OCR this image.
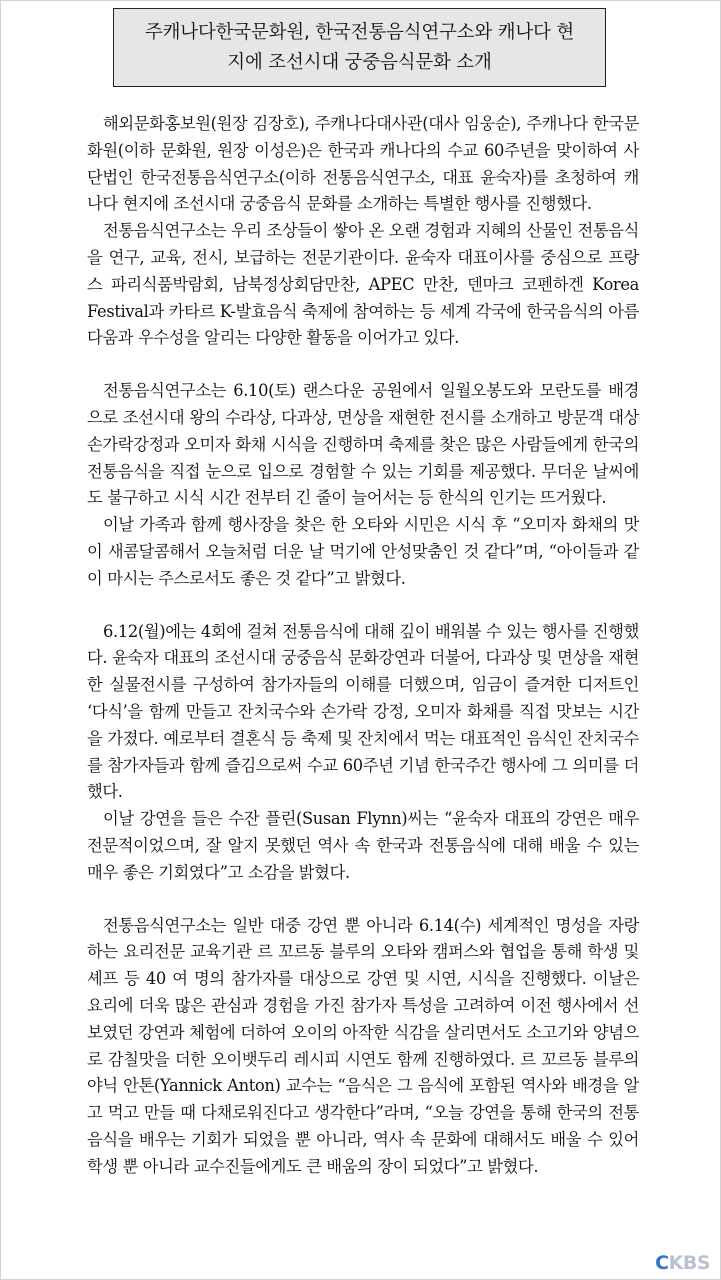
주캐나다한국문화원, 한국전통음식연구소와 캐나다 현
지에 조선시대 궁중음식문화 소개

해외문화홍보원(원장 김장호), 주캐나다대사관(대사 임웅순), 주캐나다 한국문화원(이하 문화원, 원장 이성은)은 한국과 캐나다의 수교 60주년을 맞이하여 사단법인 한국전통음식연구소(이하 전통음식연구소, 대표 윤숙자)를 초청하여 캐나다 현지에 조선시대 궁중음식 문화를 소개하는 특별한 행사를 진행했다.

전통음식연구소는 우리 조상들이 쌓아 온 오랜 경험과 지혜의 산물인 전통음식을 연구, 교육, 전시, 보급하는 전문기관이다. 윤숙자 대표이사를 중심으로 프랑스 파리식품박람회, 남북정상회담만찬, APEC 만찬, 덴마크 코펜하겐 Korea Festival과 카타르 K-발효음식 축제에 참여하는 등 세계 각국에 한국음식의 아름다움과 우수성을 알리는 다양한 활동을 이어가고 있다.

전통음식연구소는 6.10(토) 랜스다운 공원에서 일월오봉도와 모란도를 배경으로 조선시대 왕의 수라상, 다과상, 면상을 재현한 전시를 소개하고 방문객 대상 손가락강정과 오미자 화채 시식을 진행하며 축제를 찾은 많은 사람들에게 한국의 전통음식을 직접 눈으로 입으로 경험할 수 있는 기회를 제공했다. 무더운 날씨에도 불구하고 시식 시간 전부터 긴 줄이 늘어서는 등 한식의 인기는 뜨거웠다.

이날 가족과 함께 행사장을 찾은 한 오타와 시민은 시식 후 “오미자 화채의 맛이 새콤달콤해서 오늘처럼 더운 날 먹기에 안성맞춤인 것 같다”며, “아이들과 같이 마시는 주스로서도 좋은 것 같다”고 밝혔다.

6.12(월)에는 4회에 걸쳐 전통음식에 대해 깊이 배워볼 수 있는 행사를 진행했다. 윤숙자 대표의 조선시대 궁중음식 문화강연과 더불어, 다과상 및 면상을 재현한 실물전시를 구성하여 참가자들의 이해를 더했으며, 임금이 즐겨한 디저트인 ‘다식’을 함께 만들고 잔치국수와 손가락 강정, 오미자 화채를 직접 맛보는 시간을 가졌다. 예로부터 결혼식 등 축제 및 잔치에서 먹는 대표적인 음식인 잔치국수를 참가자들과 함께 즐김으로써 수교 60주년 기념 한국주간 행사에 그 의미를 더했다.

이날 강연을 들은 수잔 플린(Susan Flynn)씨는 “윤숙자 대표의 강연은 매우 전문적이었으며, 잘 알지 못했던 역사 속 한국과 전통음식에 대해 배울 수 있는 매우 좋은 기회였다”고 소감을 밝혔다.

전통음식연구소는 일반 대중 강연 뿐 아니라 6.14(수) 세계적인 명성을 자랑하는 요리전문 교육기관 르 꼬르동 블루의 오타와 캠퍼스와 협업을 통해 학생 및 셰프 등 40 여 명의 참가자를 대상으로 강연 및 시연, 시식을 진행했다. 이날은 요리에 더욱 많은 관심과 경험을 가진 참가자 특성을 고려하여 이전 행사에서 선보였던 강연과 체험에 더하여 오이의 아작한 식감을 살리면서도 소고기와 양념으로 감칠맛을 더한 오이뱃두리 레시피 시연도 함께 진행하였다. 르 꼬르동 블루의 야닉 안톤(Yannick Anton) 교수는 “음식은 그 음식에 포함된 역사와 배경을 알고 먹고 만들 때 다채로워진다고 생각한다”라며, “오늘 강연을 통해 한국의 전통음식을 배우는 기회가 되었을 뿐 아니라, 역사 속 문화에 대해서도 배울 수 있어 학생 뿐 아니라 교수진들에게도 큰 배움의 장이 되었다”고 밝혔다.

C KBS
